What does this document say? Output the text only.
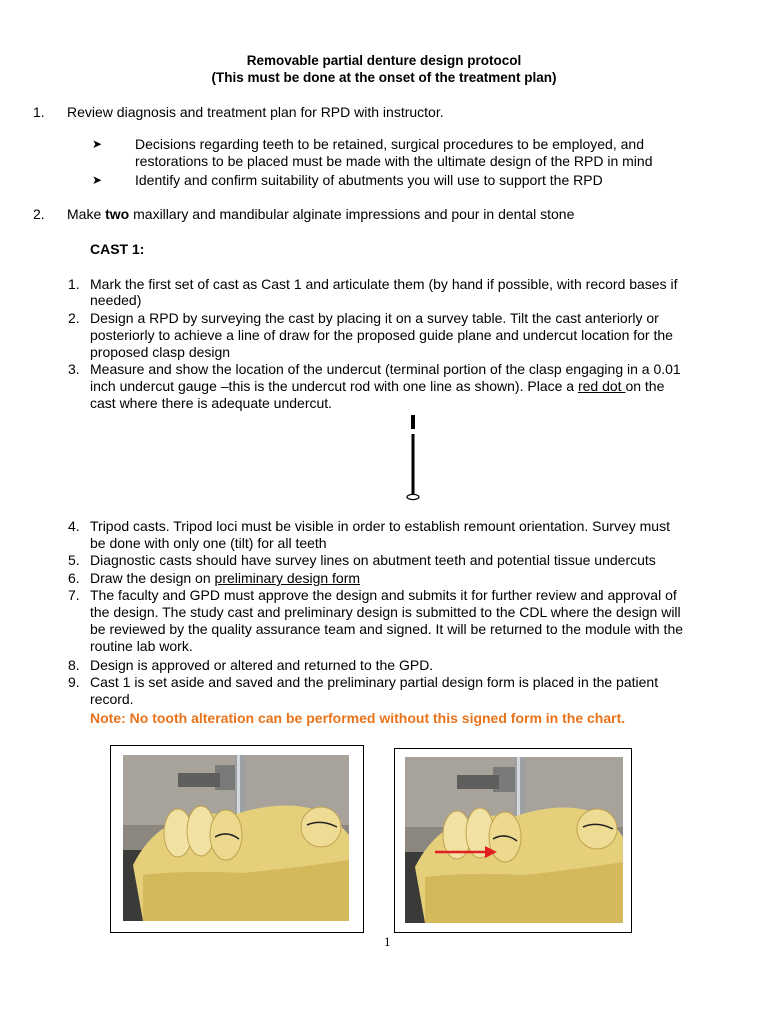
Removable partial denture design protocol
(This must be done at the onset of the treatment plan)
1. Review diagnosis and treatment plan for RPD with instructor.
➤ Decisions regarding teeth to be retained, surgical procedures to be employed, and
restorations to be placed must be made with the ultimate design of the RPD in mind
➤ Identify and confirm suitability of abutments you will use to support the RPD
2. Make two maxillary and mandibular alginate impressions and pour in dental stone
CAST 1:
1. Mark the first set of cast as Cast 1 and articulate them (by hand if possible, with record bases if
needed)
2. Design a RPD by surveying the cast by placing it on a survey table. Tilt the cast anteriorly or
posteriorly to achieve a line of draw for the proposed guide plane and undercut location for the
proposed clasp design
3. Measure and show the location of the undercut (terminal portion of the clasp engaging in a 0.01
inch undercut gauge –this is the undercut rod with one line as shown). Place a red dot on the
cast where there is adequate undercut.
4. Tripod casts. Tripod loci must be visible in order to establish remount orientation. Survey must
be done with only one (tilt) for all teeth
5. Diagnostic casts should have survey lines on abutment teeth and potential tissue undercuts
6. Draw the design on preliminary design form
7. The faculty and GPD must approve the design and submits it for further review and approval of
the design. The study cast and preliminary design is submitted to the CDL where the design will
be reviewed by the quality assurance team and signed. It will be returned to the module with the
routine lab work.
8. Design is approved or altered and returned to the GPD.
9. Cast 1 is set aside and saved and the preliminary partial design form is placed in the patient
record.
Note: No tooth alteration can be performed without this signed form in the chart.
1
